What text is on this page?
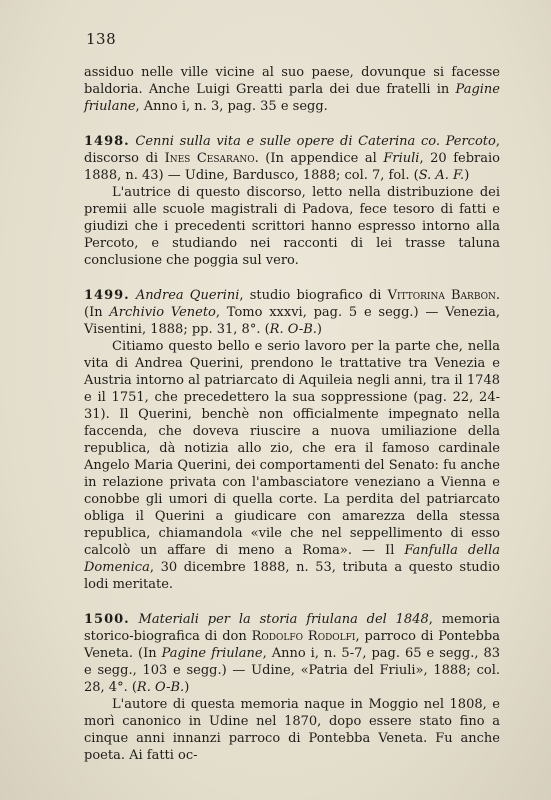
138

assiduo nelle ville vicine al suo paese, dovunque si facesse baldoria. Anche Luigi Greatti parla dei due fratelli in Pagine friulane, Anno i, n. 3, pag. 35 e segg.

1498. Cenni sulla vita e sulle opere di Caterina co. Percoto, discorso di Ines Cesarano. (In appendice al Friuli, 20 febraio 1888, n. 43) — Udine, Bardusco, 1888; col. 7, fol. (S. A. F.)

L'autrice di questo discorso, letto nella distribuzione dei premii alle scuole magistrali di Padova, fece tesoro di fatti e giudizi che i precedenti scrittori hanno espresso intorno alla Percoto, e studiando nei racconti di lei trasse taluna conclusione che poggia sul vero.

1499. Andrea Querini, studio biografico di Vittorina Barbon. (In Archivio Veneto, Tomo xxxvi, pag. 5 e segg.) — Venezia, Visentini, 1888; pp. 31, 8°. (R. O-B.)

Citiamo questo bello e serio lavoro per la parte che, nella vita di Andrea Querini, prendono le trattative tra Venezia e Austria intorno al patriarcato di Aquileia negli anni, tra il 1748 e il 1751, che precedettero la sua soppressione (pag. 22, 24-31). Il Querini, benchè non officialmente impegnato nella faccenda, che doveva riuscire a nuova umiliazione della republica, dà notizia allo zio, che era il famoso cardinale Angelo Maria Querini, dei comportamenti del Senato: fu anche in relazione privata con l'ambasciatore veneziano a Vienna e conobbe gli umori di quella corte. La perdita del patriarcato obliga il Querini a giudicare con amarezza della stessa republica, chiamandola «vile che nel seppellimento di esso calcolò un affare di meno a Roma». — Il Fanfulla della Domenica, 30 dicembre 1888, n. 53, tributa a questo studio lodi meritate.

1500. Materiali per la storia friulana del 1848, memoria storico-biografica di don Rodolfo Rodolfi, parroco di Pontebba Veneta. (In Pagine friulane, Anno i, n. 5-7, pag. 65 e segg., 83 e segg., 103 e segg.) — Udine, «Patria del Friuli», 1888; col. 28, 4°. (R. O-B.)

L'autore di questa memoria naque in Moggio nel 1808, e morì canonico in Udine nel 1870, dopo essere stato fino a cinque anni innanzi parroco di Pontebba Veneta. Fu anche poeta. Ai fatti oc-
